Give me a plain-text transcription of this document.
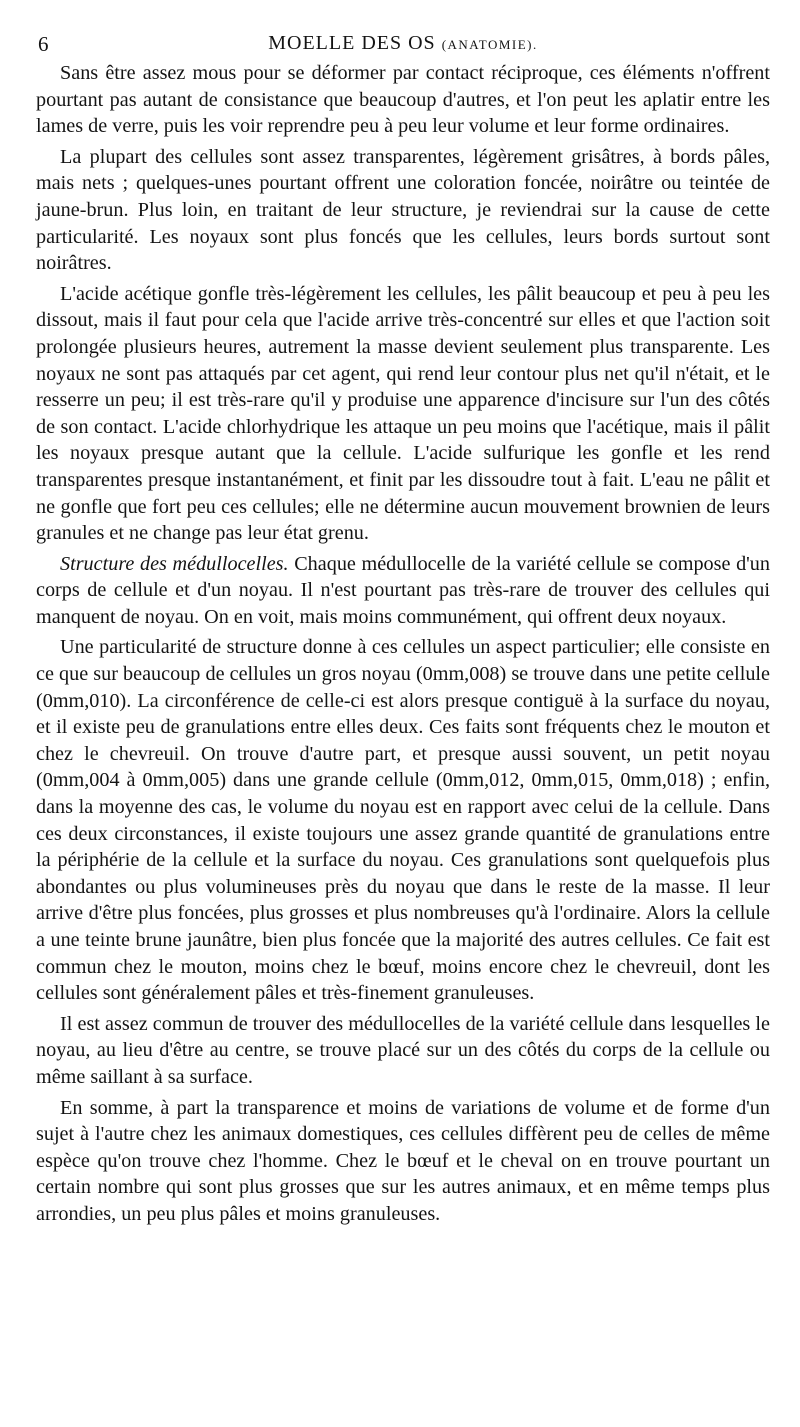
6	MOELLE DES OS (ANATOMIE).

Sans être assez mous pour se déformer par contact réciproque, ces éléments n'offrent pourtant pas autant de consistance que beaucoup d'autres, et l'on peut les aplatir entre les lames de verre, puis les voir reprendre peu à peu leur volume et leur forme ordinaires.

La plupart des cellules sont assez transparentes, légèrement grisâtres, à bords pâles, mais nets ; quelques-unes pourtant offrent une coloration foncée, noirâtre ou teintée de jaune-brun. Plus loin, en traitant de leur structure, je reviendrai sur la cause de cette particularité. Les noyaux sont plus foncés que les cellules, leurs bords surtout sont noirâtres.

L'acide acétique gonfle très-légèrement les cellules, les pâlit beaucoup et peu à peu les dissout, mais il faut pour cela que l'acide arrive très-concentré sur elles et que l'action soit prolongée plusieurs heures, autrement la masse devient seulement plus transparente. Les noyaux ne sont pas attaqués par cet agent, qui rend leur contour plus net qu'il n'était, et le resserre un peu; il est très-rare qu'il y produise une apparence d'incisure sur l'un des côtés de son contact. L'acide chlorhydrique les attaque un peu moins que l'acétique, mais il pâlit les noyaux presque autant que la cellule. L'acide sulfurique les gonfle et les rend transparentes presque instantanément, et finit par les dissoudre tout à fait. L'eau ne pâlit et ne gonfle que fort peu ces cellules; elle ne détermine aucun mouvement brownien de leurs granules et ne change pas leur état grenu.

Structure des médullocelles. Chaque médullocelle de la variété cellule se compose d'un corps de cellule et d'un noyau. Il n'est pourtant pas très-rare de trouver des cellules qui manquent de noyau. On en voit, mais moins communément, qui offrent deux noyaux.

Une particularité de structure donne à ces cellules un aspect particulier; elle consiste en ce que sur beaucoup de cellules un gros noyau (0mm,008) se trouve dans une petite cellule (0mm,010). La circonférence de celle-ci est alors presque contiguë à la surface du noyau, et il existe peu de granulations entre elles deux. Ces faits sont fréquents chez le mouton et chez le chevreuil. On trouve d'autre part, et presque aussi souvent, un petit noyau (0mm,004 à 0mm,005) dans une grande cellule (0mm,012, 0mm,015, 0mm,018) ; enfin, dans la moyenne des cas, le volume du noyau est en rapport avec celui de la cellule. Dans ces deux circonstances, il existe toujours une assez grande quantité de granulations entre la périphérie de la cellule et la surface du noyau. Ces granulations sont quelquefois plus abondantes ou plus volumineuses près du noyau que dans le reste de la masse. Il leur arrive d'être plus foncées, plus grosses et plus nombreuses qu'à l'ordinaire. Alors la cellule a une teinte brune jaunâtre, bien plus foncée que la majorité des autres cellules. Ce fait est commun chez le mouton, moins chez le bœuf, moins encore chez le chevreuil, dont les cellules sont généralement pâles et très-finement granuleuses.

Il est assez commun de trouver des médullocelles de la variété cellule dans lesquelles le noyau, au lieu d'être au centre, se trouve placé sur un des côtés du corps de la cellule ou même saillant à sa surface.

En somme, à part la transparence et moins de variations de volume et de forme d'un sujet à l'autre chez les animaux domestiques, ces cellules diffèrent peu de celles de même espèce qu'on trouve chez l'homme. Chez le bœuf et le cheval on en trouve pourtant un certain nombre qui sont plus grosses que sur les autres animaux, et en même temps plus arrondies, un peu plus pâles et moins granuleuses.
